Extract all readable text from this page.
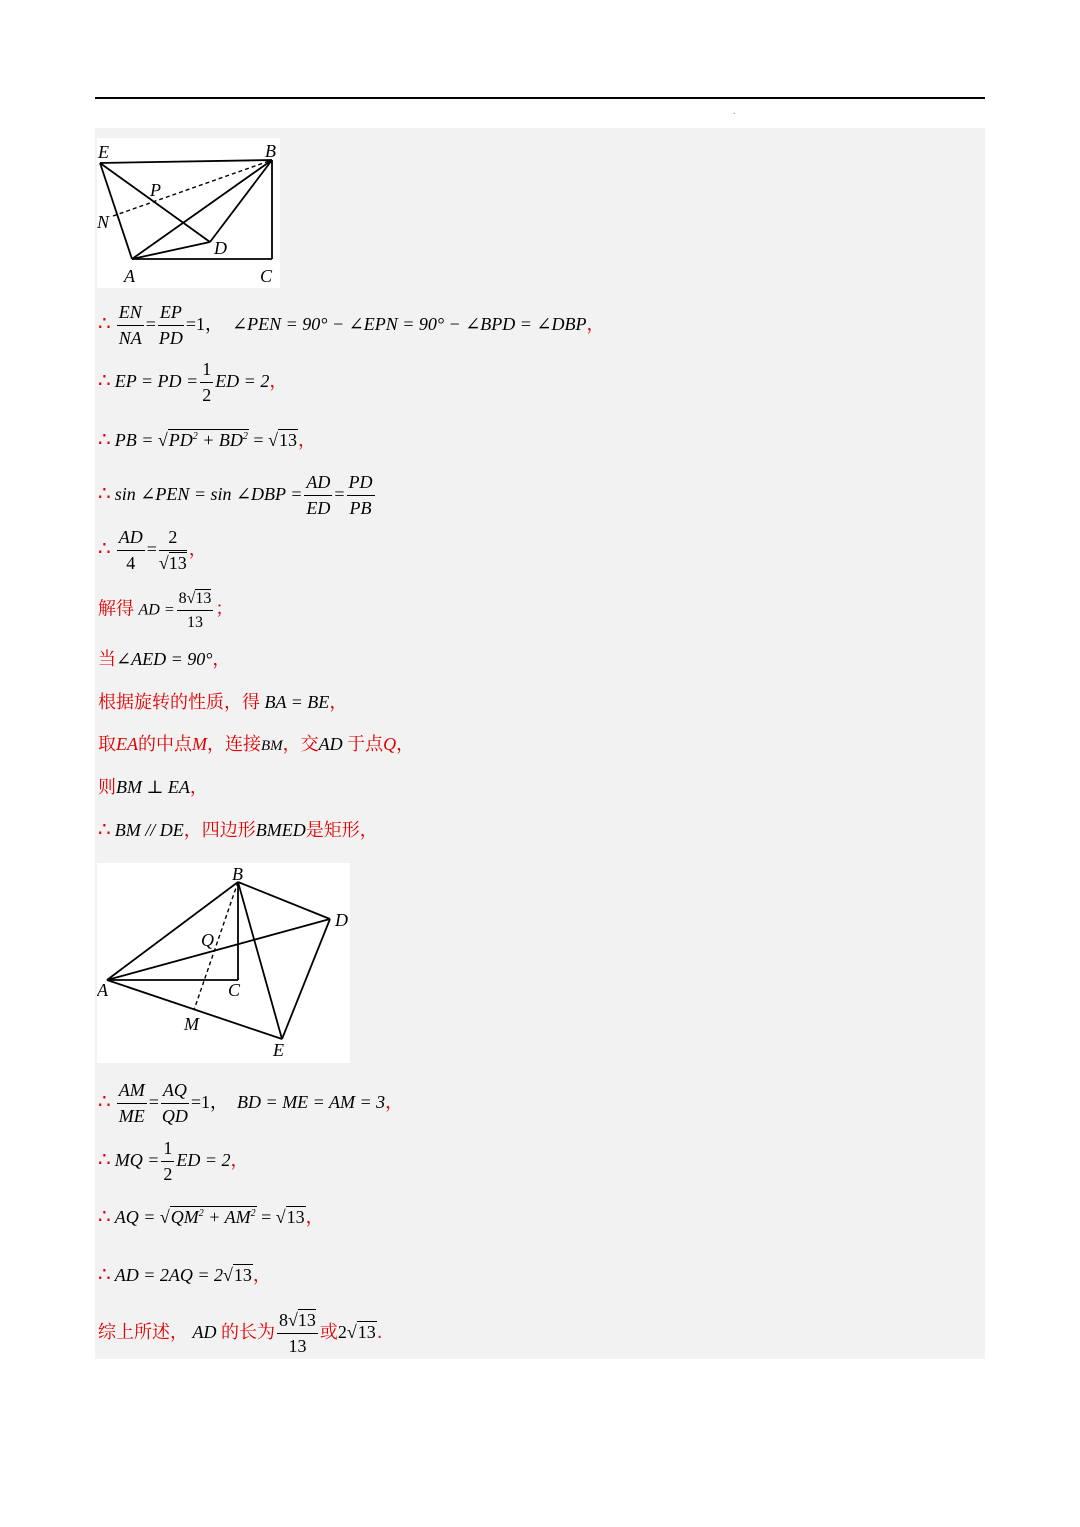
.
E	B
P
N
D
A	C
∴ $\frac{EN}{NA} = \frac{EP}{PD} =1$， ∠PEN = 90° − ∠EPN = 90° − ∠BPD = ∠DBP，
∴ EP = PD = $\frac{1}{2}$ ED = 2，
∴ PB = $√PD^2 + BD^2 = √13$，
∴ sin ∠PEN = sin ∠DBP = $\frac{AD}{ED} = \frac{PD}{PB}$
∴ $\frac{AD}{4} = \frac{2}{√13}$ ，
解得 AD = $\frac{8√13}{13}$ ；
当∠AED = 90°，
根据旋转的性质，得 BA = BE，
取EA的中点M，连接BM，交AD 于点Q，
则BM ⊥ EA，
∴ BM // DE，四边形BMED是矩形，
B
D
Q
A	C
M
E
∴ $\frac{AM}{ME} = \frac{AQ}{QD} =1$， BD = ME = AM = 3，
∴ MQ = $\frac{1}{2}$ ED = 2，
∴ AQ = $√QM^2 + AM^2 = √13$，
∴ AD = 2AQ = 2√13，
综上所述， AD 的长为 $\frac{8√13}{13}$ 或2√13.
